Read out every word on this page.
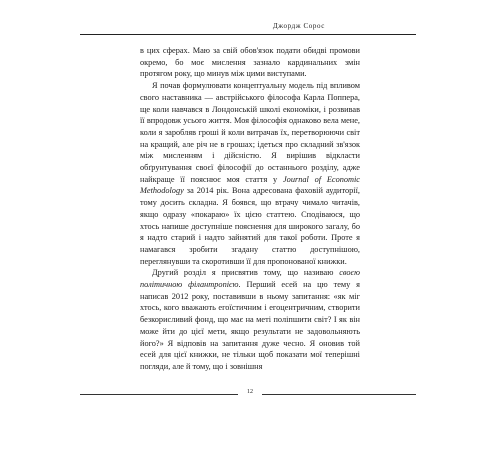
Джордж Сорос

в цих сферах. Маю за свій обов'язок подати обидві промови окремо, бо моє мислення зазнало кардинальних змін протягом року, що минув між цими виступами.

Я почав формулювати концептуальну модель під впливом свого наставника — австрійського філософа Карла Поппера, ще коли навчався в Лондонській школі економіки, і розвивав її впродовж усього життя. Моя філософія однаково вела мене, коли я заробляв гроші й коли витрачав їх, перетворюючи світ на кращий, але річ не в грошах; ідеться про складний зв'язок між мисленням і дійсністю. Я вирішив відкласти обґрунтування своєї філософії до останнього розділу, адже найкраще її пояснює моя стаття у Journal of Economic Methodology за 2014 рік. Вона адресована фаховій аудиторії, тому досить складна. Я боявся, що втрачу чимало читачів, якщо одразу «покараю» їх цією статтею. Сподіваюся, що хтось напише доступніше пояснення для широкого загалу, бо я надто старий і надто зайнятий для такої роботи. Проте я намагався зробити згадану статтю доступнішою, переглянувши та скоротивши її для пропонованої книжки.

Другий розділ я присвятив тому, що називаю своєю політичною філантропією. Перший есей на цю тему я написав 2012 року, поставивши в ньому запитання: «як міг хтось, кого вважають егоїстичним і егоцентричним, створити безкорисливий фонд, що має на меті поліпшити світ? І як він може йти до цієї мети, якщо результати не задовольняють його?» Я відповів на запитання дуже чесно. Я оновив той есей для цієї книжки, не тільки щоб показати мої теперішні погляди, але й тому, що і зовнішня

12
